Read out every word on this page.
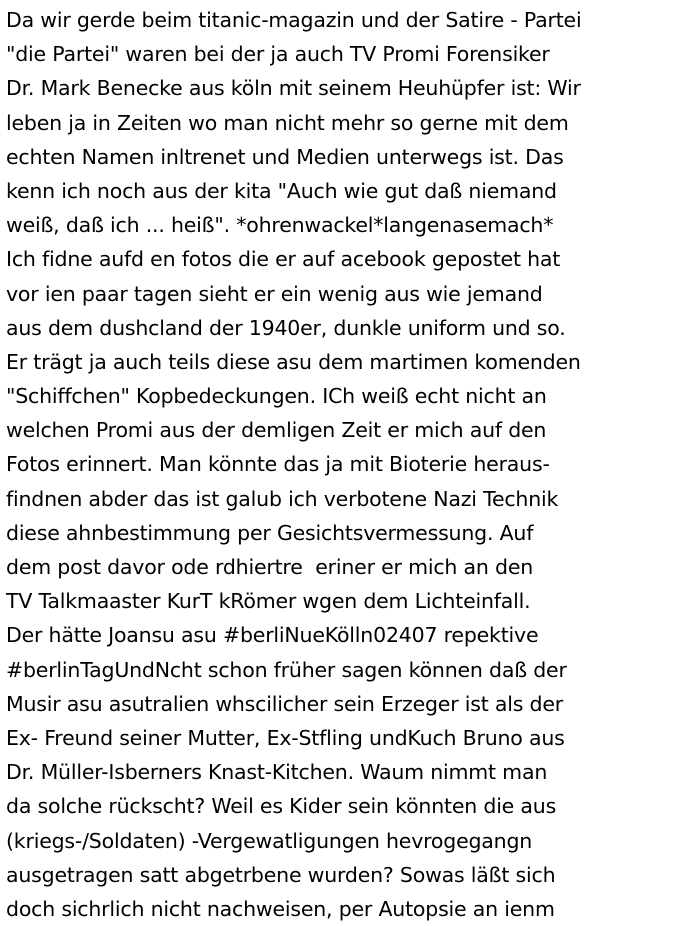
Da wir gerde beim titanic-magazin und der Satire - Partei
"die Partei" waren bei der ja auch TV Promi Forensiker
Dr. Mark Benecke aus köln mit seinem Heuhüpfer ist: Wir
leben ja in Zeiten wo man nicht mehr so gerne mit dem
echten Namen inltrenet und Medien unterwegs ist. Das
kenn ich noch aus der kita "Auch wie gut daß niemand
weiß, daß ich ... heiß". *ohrenwackel*langenasemach*
Ich fidne aufd en fotos die er auf acebook gepostet hat
vor ien paar tagen sieht er ein wenig aus wie jemand
aus dem dushcland der 1940er, dunkle uniform und so.
Er trägt ja auch teils diese asu dem martimen komenden
"Schiffchen" Kopbedeckungen. ICh weiß echt nicht an
welchen Promi aus der demligen Zeit er mich auf den
Fotos erinnert. Man könnte das ja mit Bioterie heraus-
findnen abder das ist galub ich verbotene Nazi Technik
diese ahnbestimmung per Gesichtsvermessung. Auf
dem post davor ode rdhiertre  eriner er mich an den
TV Talkmaaster KurT kRömer wgen dem Lichteinfall.
Der hätte Joansu asu #berliNueKölln02407 repektive
#berlinTagUndNcht schon früher sagen können daß der
Musir asu asutralien whscilicher sein Erzeger ist als der
Ex- Freund seiner Mutter, Ex-Stfling undKuch Bruno aus
Dr. Müller-Isberners Knast-Kitchen. Waum nimmt man
da solche rückscht? Weil es Kider sein könnten die aus
(kriegs-/Soldaten) -Vergewatligungen hevrogegangn
ausgetragen satt abgetrbene wurden? Sowas läßt sich
doch sichrlich nicht nachweisen, per Autopsie an ienm
